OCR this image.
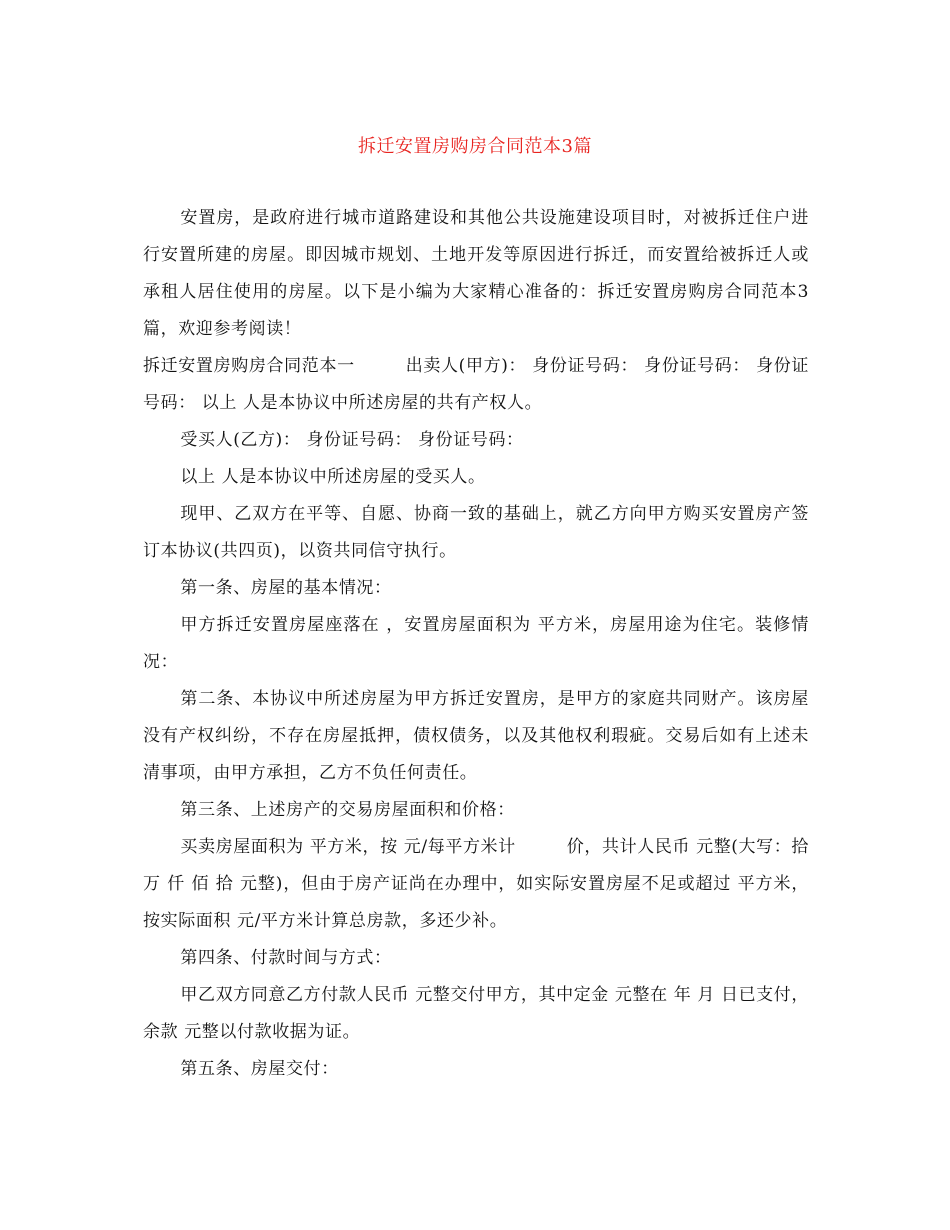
拆迁安置房购房合同范本3篇

安置房，是政府进行城市道路建设和其他公共设施建设项目时，对被拆迁住户进行安置所建的房屋。即因城市规划、土地开发等原因进行拆迁，而安置给被拆迁人或承租人居住使用的房屋。以下是小编为大家精心准备的：拆迁安置房购房合同范本3篇，欢迎参考阅读！

拆迁安置房购房合同范本一	出卖人(甲方)： 身份证号码： 身份证号码： 身份证号码： 以上 人是本协议中所述房屋的共有产权人。

受买人(乙方)： 身份证号码： 身份证号码：

以上 人是本协议中所述房屋的受买人。

现甲、乙双方在平等、自愿、协商一致的基础上，就乙方向甲方购买安置房产签订本协议(共四页)，以资共同信守执行。

第一条、房屋的基本情况：

甲方拆迁安置房屋座落在 ，安置房屋面积为 平方米，房屋用途为住宅。装修情况：

第二条、本协议中所述房屋为甲方拆迁安置房，是甲方的家庭共同财产。该房屋没有产权纠纷，不存在房屋抵押，债权债务，以及其他权利瑕疵。交易后如有上述未清事项，由甲方承担，乙方不负任何责任。

第三条、上述房产的交易房屋面积和价格：

买卖房屋面积为 平方米，按 元/每平方米计	价，共计人民币 元整(大写：拾 万 仟 佰 拾 元整)，但由于房产证尚在办理中，如实际安置房屋不足或超过 平方米，按实际面积 元/平方米计算总房款，多还少补。

第四条、付款时间与方式：

甲乙双方同意乙方付款人民币 元整交付甲方，其中定金 元整在 年 月 日已支付，余款 元整以付款收据为证。

第五条、房屋交付：
